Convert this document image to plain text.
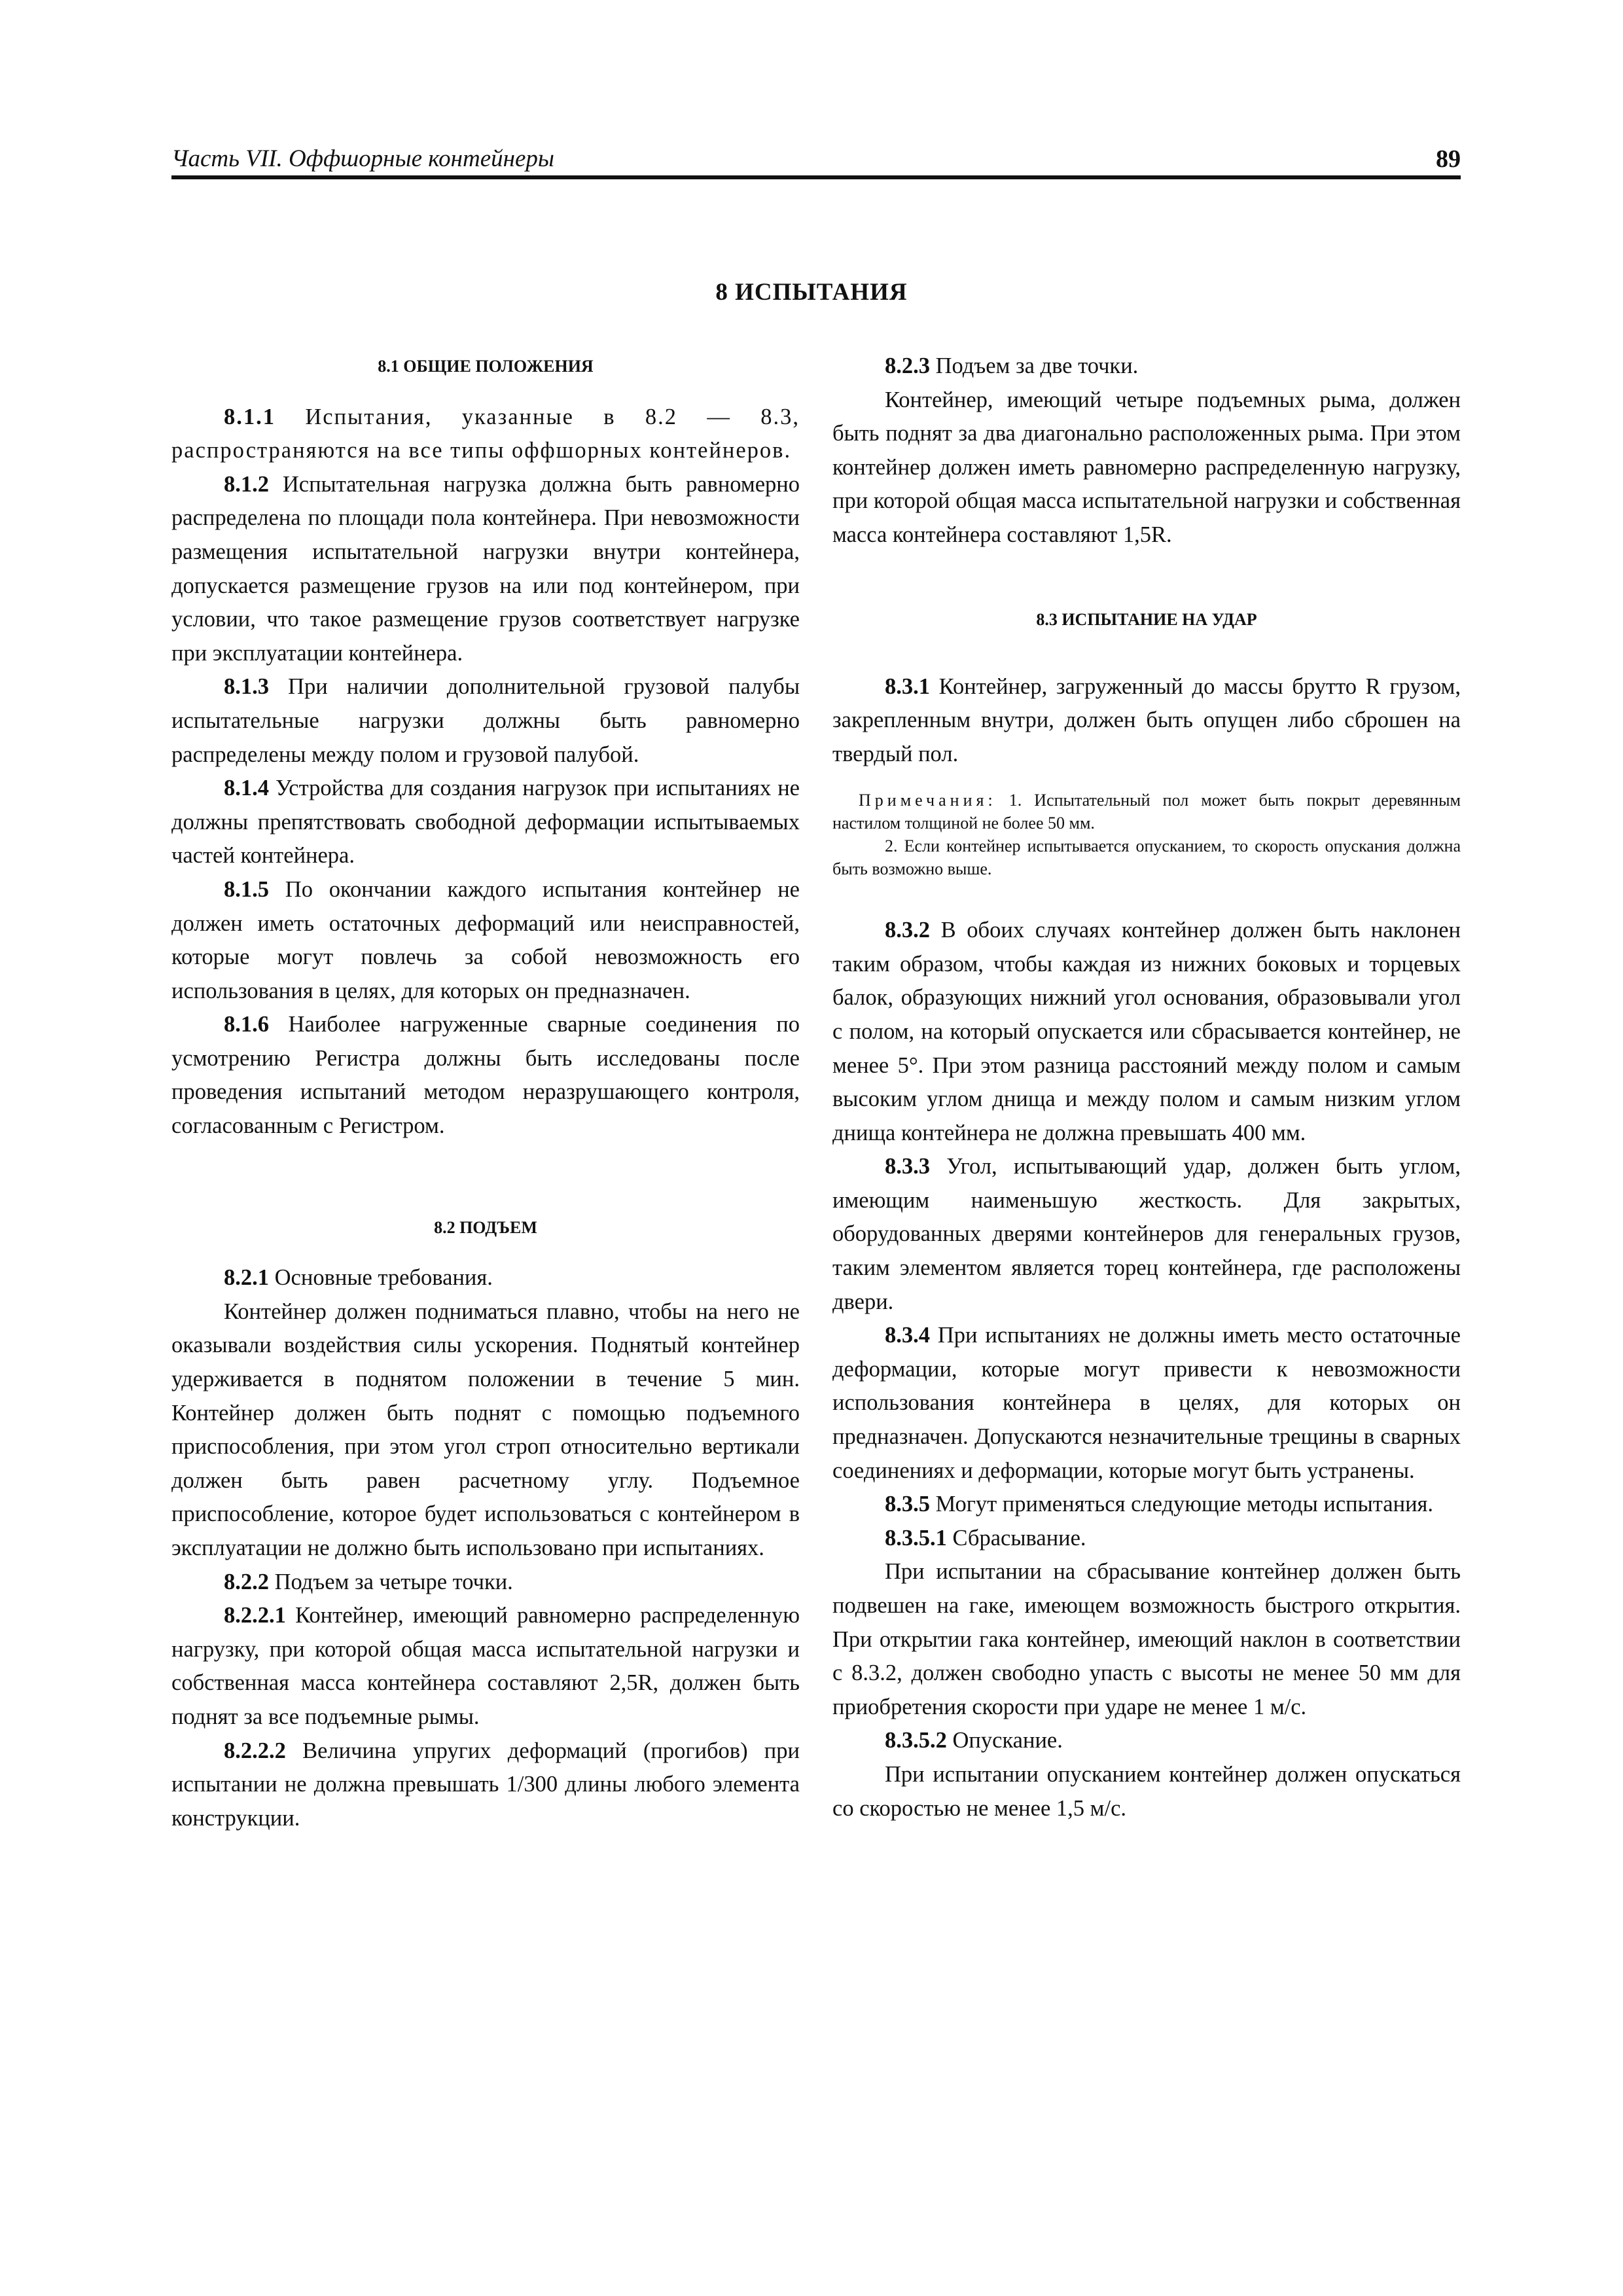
Часть VII. Оффшорные контейнеры	89
8 ИСПЫТАНИЯ

8.1 ОБЩИЕ ПОЛОЖЕНИЯ

8.1.1 Испытания, указанные в 8.2 — 8.3, распространяются на все типы оффшорных контейнеров.

8.1.2 Испытательная нагрузка должна быть равномерно распределена по площади пола контейнера. При невозможности размещения испытательной нагрузки внутри контейнера, допускается размещение грузов на или под контейнером, при условии, что такое размещение грузов соответствует нагрузке при эксплуатации контейнера.

8.1.3 При наличии дополнительной грузовой палубы испытательные нагрузки должны быть равномерно распределены между полом и грузовой палубой.

8.1.4 Устройства для создания нагрузок при испытаниях не должны препятствовать свободной деформации испытываемых частей контейнера.

8.1.5 По окончании каждого испытания контейнер не должен иметь остаточных деформаций или неисправностей, которые могут повлечь за собой невозможность его использования в целях, для которых он предназначен.

8.1.6 Наиболее нагруженные сварные соединения по усмотрению Регистра должны быть исследованы после проведения испытаний методом неразрушающего контроля, согласованным с Регистром.

8.2 ПОДЪЕМ

8.2.1 Основные требования.

Контейнер должен подниматься плавно, чтобы на него не оказывали воздействия силы ускорения. Поднятый контейнер удерживается в поднятом положении в течение 5 мин. Контейнер должен быть поднят с помощью подъемного приспособления, при этом угол строп относительно вертикали должен быть равен расчетному углу. Подъемное приспособление, которое будет использоваться с контейнером в эксплуатации не должно быть использовано при испытаниях.

8.2.2 Подъем за четыре точки.

8.2.2.1 Контейнер, имеющий равномерно распределенную нагрузку, при которой общая масса испытательной нагрузки и собственная масса контейнера составляют 2,5R, должен быть поднят за все подъемные рымы.

8.2.2.2 Величина упругих деформаций (прогибов) при испытании не должна превышать 1/300 длины любого элемента конструкции.

8.2.3 Подъем за две точки.

Контейнер, имеющий четыре подъемных рыма, должен быть поднят за два диагонально расположенных рыма. При этом контейнер должен иметь равномерно распределенную нагрузку, при которой общая масса испытательной нагрузки и собственная масса контейнера составляют 1,5R.

8.3 ИСПЫТАНИЕ НА УДАР

8.3.1 Контейнер, загруженный до массы брутто R грузом, закрепленным внутри, должен быть опущен либо сброшен на твердый пол.

Примечания: 1. Испытательный пол может быть покрыт деревянным настилом толщиной не более 50 мм.

2. Если контейнер испытывается опусканием, то скорость опускания должна быть возможно выше.

8.3.2 В обоих случаях контейнер должен быть наклонен таким образом, чтобы каждая из нижних боковых и торцевых балок, образующих нижний угол основания, образовывали угол с полом, на который опускается или сбрасывается контейнер, не менее 5°. При этом разница расстояний между полом и самым высоким углом днища и между полом и самым низким углом днища контейнера не должна превышать 400 мм.

8.3.3 Угол, испытывающий удар, должен быть углом, имеющим наименьшую жесткость. Для закрытых, оборудованных дверями контейнеров для генеральных грузов, таким элементом является торец контейнера, где расположены двери.

8.3.4 При испытаниях не должны иметь место остаточные деформации, которые могут привести к невозможности использования контейнера в целях, для которых он предназначен. Допускаются незначительные трещины в сварных соединениях и деформации, которые могут быть устранены.

8.3.5 Могут применяться следующие методы испытания.

8.3.5.1 Сбрасывание.

При испытании на сбрасывание контейнер должен быть подвешен на гаке, имеющем возможность быстрого открытия. При открытии гака контейнер, имеющий наклон в соответствии с 8.3.2, должен свободно упасть с высоты не менее 50 мм для приобретения скорости при ударе не менее 1 м/с.

8.3.5.2 Опускание.

При испытании опусканием контейнер должен опускаться со скоростью не менее 1,5 м/с.
